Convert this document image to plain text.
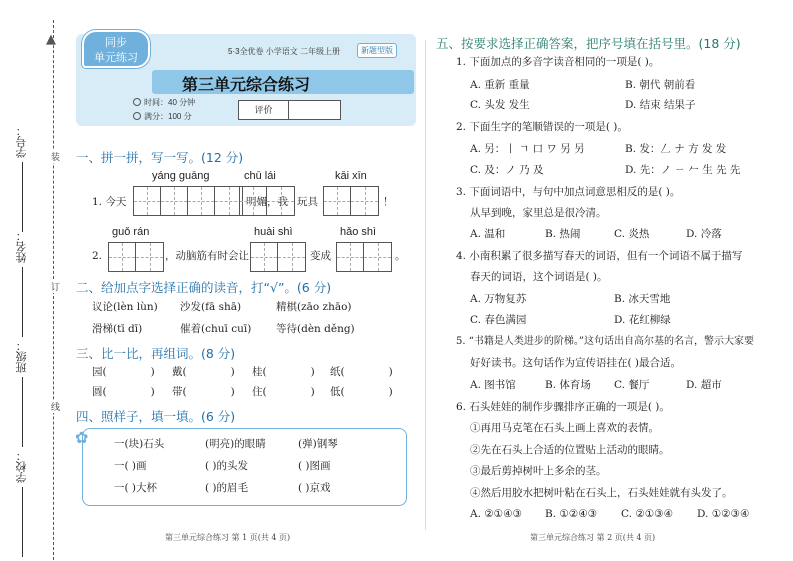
▲
学号：
姓名：
班级：
学校：
装
订
线
同步
单元练习
5·3全优卷 小学语文 二年级上册	新题型版
第三单元综合练习
时间：40 分钟
满分：100 分
评价
一、拼一拼，写一写。(12 分)
yáng guāng	chū lái	kāi xīn
1. 今天	明媚，我 玩具	！
guǒ rán	huài shì	hǎo shì
2.	，动脑筋有时会让	变成	。
二、给加点字选择正确的读音，打“√”。(6 分)
议论(lèn lùn) 沙发(fā shā)	精棋(zāo zhāo)
滑梯(tī dī)	催着(chuī cuī) 等待(dèn děng)
三、比一比，再组词。(8 分)
园(	) 戴(	) 桂(	) 纸(	)
圆(	) 带(	) 住(	) 低(	)
四、照样子，填一填。(6 分)
✿ 一(块)石头	(明亮)的眼睛	(弹)钢琴
一( )画	( )的头发	( )图画
一( )大杯	( )的眉毛	( )京戏
第三单元综合练习 第 1 页(共 4 页)
五、按要求选择正确答案，把序号填在括号里。(18 分)
1. 下面加点的多音字读音相同的一项是( )。
A. 重新 重量	B. 朝代 朝前看
C. 头发 发生	D. 结束 结果子
2. 下面生字的笔顺错误的一项是( )。
A. 另：丨 ㄱ 口 ワ 另 另	B. 发：𠃋 ナ 方 发 发
C. 及：ノ 乃 及	D. 先：ノ ㄧ 𠂉 生 先 先
3. 下面词语中，与句中加点词意思相反的是( )。
从早到晚，家里总是很冷清。
A. 温和	B. 热闹	C. 炎热	D. 冷落
4. 小南积累了很多描写春天的词语，但有一个词语不属于描写
春天的词语，这个词语是( )。
A. 万物复苏	B. 冰天雪地
C. 春色满园	D. 花红柳绿
5. “书籍是人类进步的阶梯。”这句话出自高尔基的名言，警示大家要
好好读书。这句话作为宣传语挂在( )最合适。
A. 图书馆	B. 体育场 C. 餐厅	D. 超市
6. 石头娃娃的制作步骤排序正确的一项是( )。
①再用马克笔在石头上画上喜欢的表情。
②先在石头上合适的位置贴上活动的眼睛。
③最后剪掉树叶上多余的茎。
④然后用胶水把树叶粘在石头上，石头娃娃就有头发了。
A. ②①④③ B. ①②④③ C. ②①③④ D. ①②③④
第三单元综合练习 第 2 页(共 4 页)
